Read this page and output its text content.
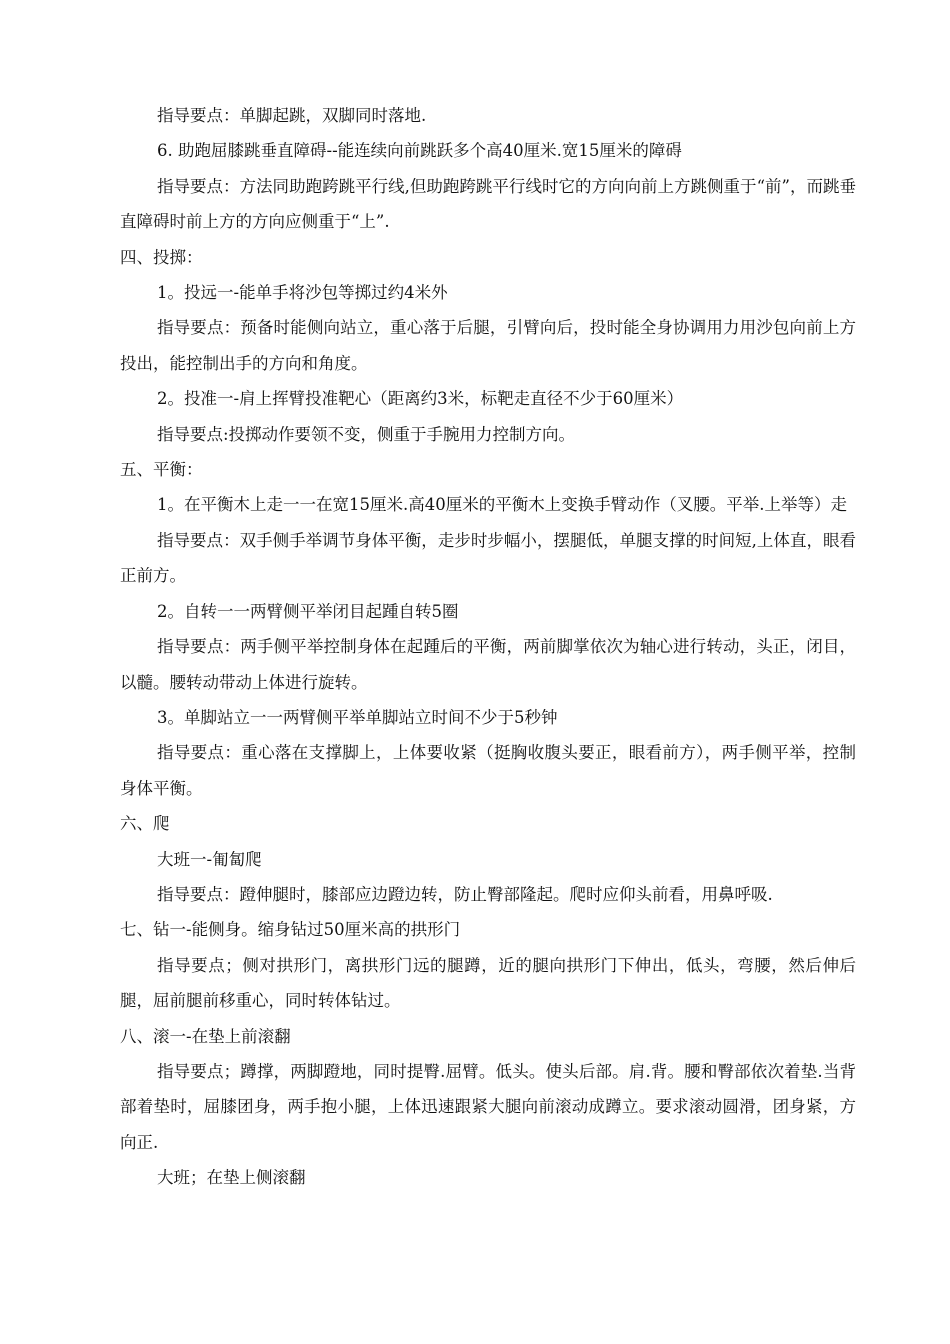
指导要点：单脚起跳，双脚同时落地.

6. 助跑屈膝跳垂直障碍--能连续向前跳跃多个高40厘米.宽15厘米的障碍

指导要点：方法同助跑跨跳平行线,但助跑跨跳平行线时它的方向向前上方跳侧重于“前”，而跳垂直障碍时前上方的方向应侧重于“上”.

四、投掷：

1。投远一-能单手将沙包等掷过约4米外

指导要点：预备时能侧向站立，重心落于后腿，引臂向后，投时能全身协调用力用沙包向前上方投出，能控制出手的方向和角度。

2。投准一-肩上挥臂投准靶心（距离约3米，标靶走直径不少于60厘米）

指导要点:投掷动作要领不变，侧重于手腕用力控制方向。

五、平衡：

1。在平衡木上走一一在宽15厘米.高40厘米的平衡木上变换手臂动作（叉腰。平举.上举等）走

指导要点：双手侧手举调节身体平衡，走步时步幅小，摆腿低，单腿支撑的时间短,上体直，眼看正前方。

2。自转一一两臂侧平举闭目起踵自转5圈

指导要点：两手侧平举控制身体在起踵后的平衡，两前脚掌依次为轴心进行转动，头正，闭目，以髓。腰转动带动上体进行旋转。

3。单脚站立一一两臂侧平举单脚站立时间不少于5秒钟

指导要点：重心落在支撑脚上，上体要收紧（挺胸收腹头要正，眼看前方），两手侧平举，控制身体平衡。

六、爬

大班一-匍匐爬

指导要点：蹬伸腿时，膝部应边蹬边转，防止臀部隆起。爬时应仰头前看，用鼻呼吸.

七、钻一-能侧身。缩身钻过50厘米高的拱形门

指导要点；侧对拱形门，离拱形门远的腿蹲，近的腿向拱形门下伸出，低头，弯腰，然后伸后腿，屈前腿前移重心，同时转体钻过。

八、滚一-在垫上前滚翻

指导要点；蹲撑，两脚蹬地，同时提臀.屈臂。低头。使头后部。肩.背。腰和臀部依次着垫.当背部着垫时，屈膝团身，两手抱小腿，上体迅速跟紧大腿向前滚动成蹲立。要求滚动圆滑，团身紧，方向正.

大班；在垫上侧滚翻
